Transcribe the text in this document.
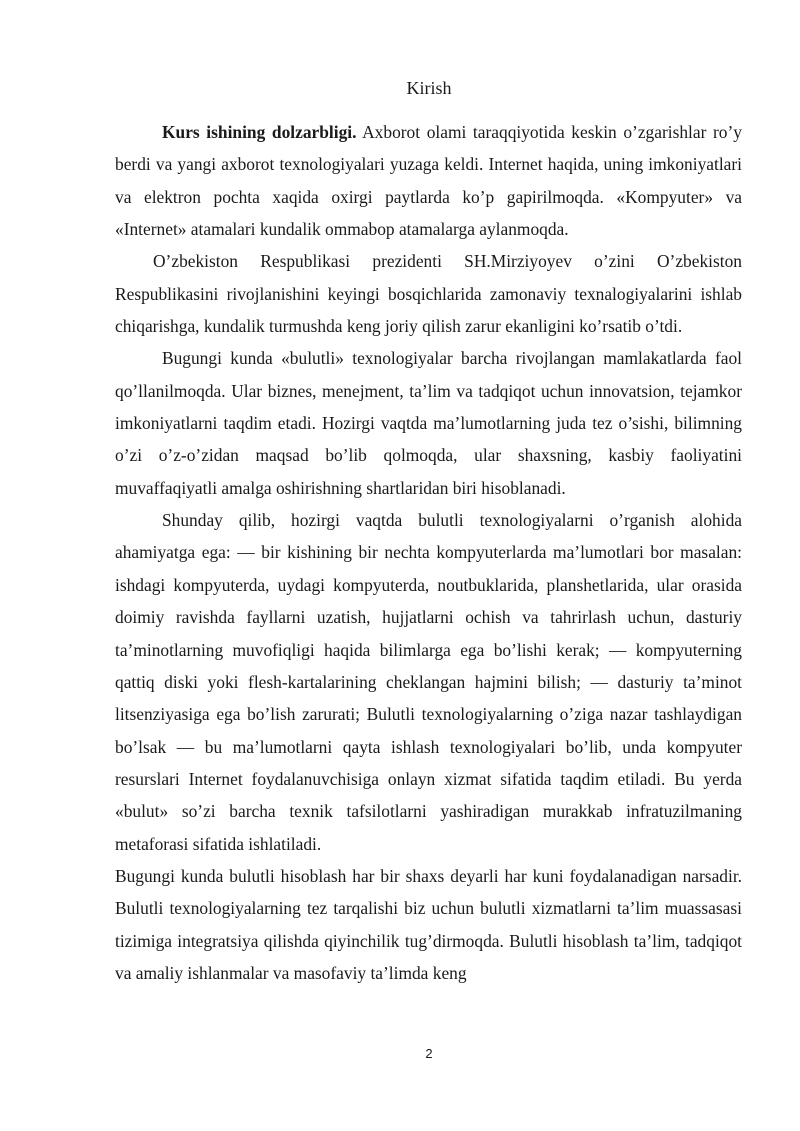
Kirish

Kurs ishining dolzarbligi. Axborot olami taraqqiyotida keskin o’zgarishlar ro’y berdi va yangi axborot texnologiyalari yuzaga keldi. Internet haqida, uning imkoniyatlari va elektron pochta xaqida oxirgi paytlarda ko’p gapirilmoqda. «Kompyuter» va «Internet» atamalari kundalik ommabop atamalarga aylanmoqda.

O’zbekiston Respublikasi prezidenti SH.Mirziyoyev o’zini O’zbekiston Respublikasini rivojlanishini keyingi bosqichlarida zamonaviy texnalogiyalarini ishlab chiqarishga, kundalik turmushda keng joriy qilish zarur ekanligini ko’rsatib o’tdi.

Bugungi kunda «bulutli» texnologiyalar barcha rivojlangan mamlakatlarda faol qo’llanilmoqda. Ular biznes, menejment, ta’lim va tadqiqot uchun innovatsion, tejamkor imkoniyatlarni taqdim etadi. Hozirgi vaqtda ma’lumotlarning juda tez o’sishi, bilimning o’zi o’z-o’zidan maqsad bo’lib qolmoqda, ular shaxsning, kasbiy faoliyatini muvaffaqiyatli amalga oshirishning shartlaridan biri hisoblanadi.

Shunday qilib, hozirgi vaqtda bulutli texnologiyalarni o’rganish alohida ahamiyatga ega: — bir kishining bir nechta kompyuterlarda ma’lumotlari bor masalan: ishdagi kompyuterda, uydagi kompyuterda, noutbuklarida, planshetlarida, ular orasida doimiy ravishda fayllarni uzatish, hujjatlarni ochish va tahrirlash uchun, dasturiy ta’minotlarning muvofiqligi haqida bilimlarga ega bo’lishi kerak; — kompyuterning qattiq diski yoki flesh-kartalarining cheklangan hajmini bilish; — dasturiy ta’minot litsenziyasiga ega bo’lish zarurati; Bulutli texnologiyalarning o’ziga nazar tashlaydigan bo’lsak — bu ma’lumotlarni qayta ishlash texnologiyalari bo’lib, unda kompyuter resurslari Internet foydalanuvchisiga onlayn xizmat sifatida taqdim etiladi. Bu yerda «bulut» so’zi barcha texnik tafsilotlarni yashiradigan murakkab infratuzilmaning metaforasi sifatida ishlatiladi.

Bugungi kunda bulutli hisoblash har bir shaxs deyarli har kuni foydalanadigan narsadir. Bulutli texnologiyalarning tez tarqalishi biz uchun bulutli xizmatlarni ta’lim muassasasi tizimiga integratsiya qilishda qiyinchilik tug’dirmoqda. Bulutli hisoblash ta’lim, tadqiqot va amaliy ishlanmalar va masofaviy ta’limda keng

2
